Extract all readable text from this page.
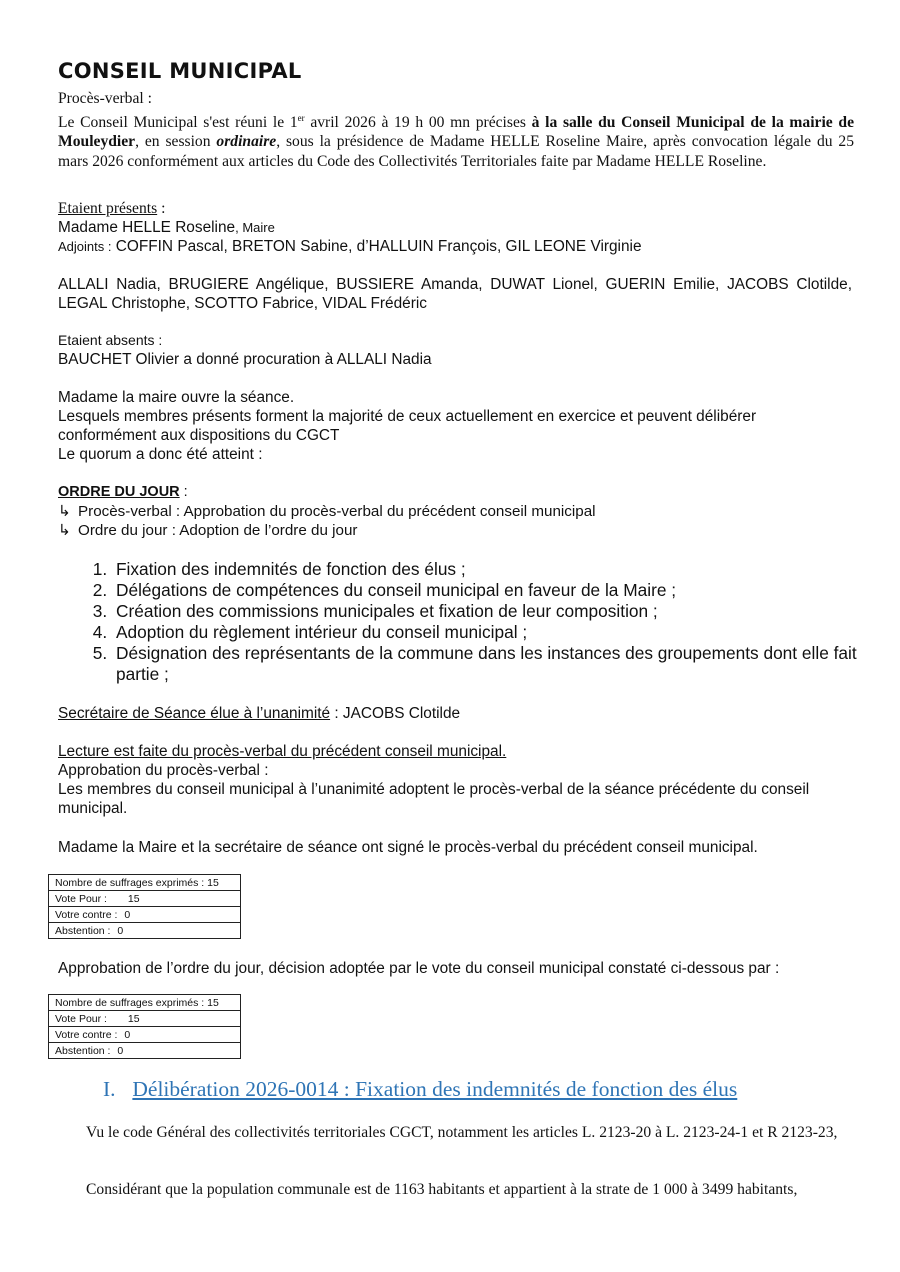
CONSEIL MUNICIPAL
Procès-verbal :
Le Conseil Municipal s'est réuni le 1er avril 2026 à 19 h 00 mn précises à la salle du Conseil Municipal de la mairie de Mouleydier, en session ordinaire, sous la présidence de Madame HELLE Roseline Maire, après convocation légale du 25 mars 2026 conformément aux articles du Code des Collectivités Territoriales faite par Madame HELLE Roseline.
Etaient présents :
Madame HELLE Roseline, Maire
Adjoints : COFFIN Pascal, BRETON Sabine, d’HALLUIN François, GIL LEONE Virginie
ALLALI Nadia, BRUGIERE Angélique, BUSSIERE Amanda, DUWAT Lionel, GUERIN Emilie, JACOBS Clotilde, LEGAL Christophe, SCOTTO Fabrice, VIDAL Frédéric
Etaient absents :
BAUCHET Olivier a donné procuration à ALLALI Nadia
Madame la maire ouvre la séance.
Lesquels membres présents forment la majorité de ceux actuellement en exercice et peuvent délibérer conformément aux dispositions du CGCT
Le quorum a donc été atteint :
ORDRE DU JOUR :
↳ Procès-verbal : Approbation du procès-verbal du précédent conseil municipal
↳ Ordre du jour : Adoption de l’ordre du jour
1. Fixation des indemnités de fonction des élus ;
2. Délégations de compétences du conseil municipal en faveur de la Maire ;
3. Création des commissions municipales et fixation de leur composition ;
4. Adoption du règlement intérieur du conseil municipal ;
5. Désignation des représentants de la commune dans les instances des groupements dont elle fait partie ;
Secrétaire de Séance élue à l’unanimité : JACOBS Clotilde
Lecture est faite du procès-verbal du précédent conseil municipal.
Approbation du procès-verbal :
Les membres du conseil municipal à l’unanimité adoptent le procès-verbal de la séance précédente du conseil municipal.
Madame la Maire et la secrétaire de séance ont signé le procès-verbal du précédent conseil municipal.
Nombre de suffrages exprimés : 15
Vote Pour : 15
Votre contre : 0
Abstention : 0
Approbation de l’ordre du jour, décision adoptée par le vote du conseil municipal constaté ci-dessous par :
Nombre de suffrages exprimés : 15
Vote Pour : 15
Votre contre : 0
Abstention : 0
I. Délibération 2026-0014 : Fixation des indemnités de fonction des élus
Vu le code Général des collectivités territoriales CGCT, notamment les articles L. 2123-20 à L. 2123-24-1 et R 2123-23,
Considérant que la population communale est de 1163 habitants et appartient à la strate de 1 000 à 3499 habitants,
